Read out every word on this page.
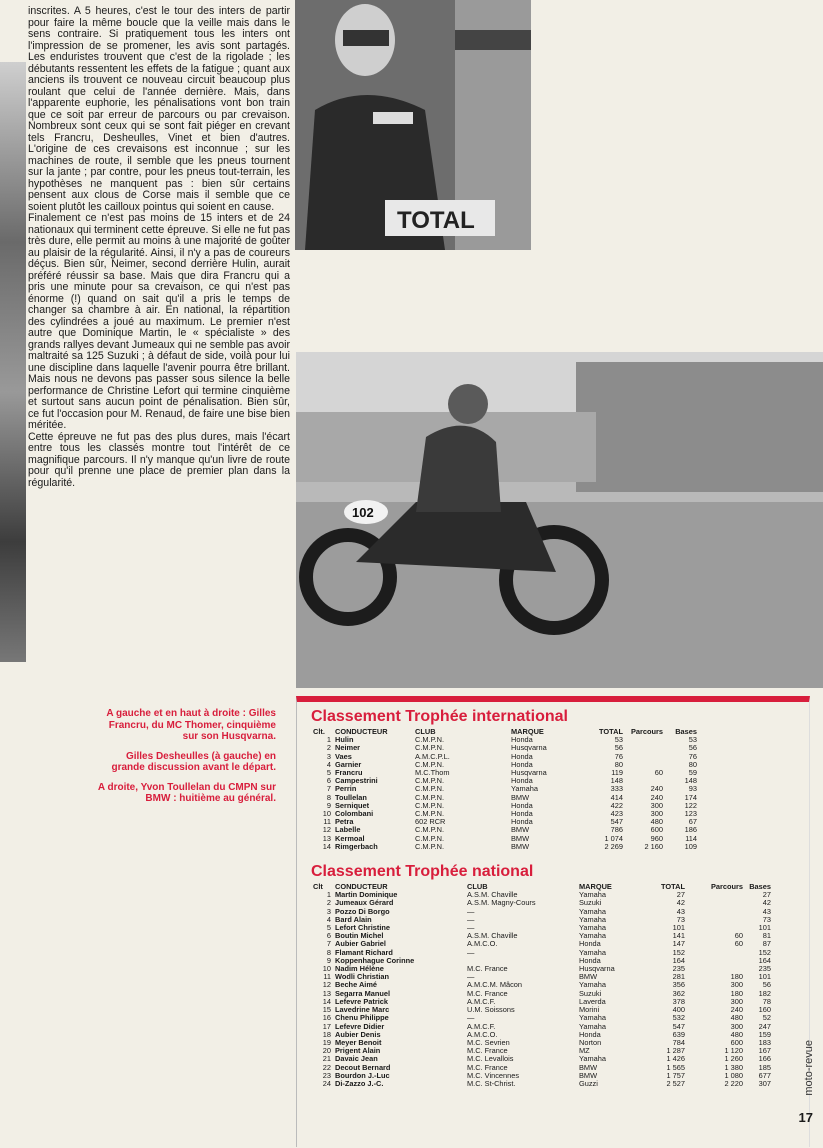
inscrites. A 5 heures, c'est le tour des inters de partir pour faire la même boucle que la veille mais dans le sens contraire. Si pratiquement tous les inters ont l'impression de se promener, les avis sont partagés. Les enduristes trouvent que c'est de la rigolade ; les débutants ressentent les effets de la fatigue ; quant aux anciens ils trouvent ce nouveau circuit beaucoup plus roulant que celui de l'année dernière. Mais, dans l'apparente euphorie, les pénalisations vont bon train que ce soit par erreur de parcours ou par crevaison. Nombreux sont ceux qui se sont fait piéger en crevant tels Francru, Desheulles, Vinet et bien d'autres. L'origine de ces crevaisons est inconnue ; sur les machines de route, il semble que les pneus tournent sur la jante ; par contre, pour les pneus tout-terrain, les hypothèses ne manquent pas : bien sûr certains pensent aux clous de Corse mais il semble que ce soient plutôt les cailloux pointus qui soient en cause.

Finalement ce n'est pas moins de 15 inters et de 24 nationaux qui terminent cette épreuve. Si elle ne fut pas très dure, elle permit au moins à une majorité de goûter au plaisir de la régularité. Ainsi, il n'y a pas de coureurs déçus. Bien sûr, Neimer, second derrière Hulin, aurait préféré réussir sa base. Mais que dira Francru qui a pris une minute pour sa crevaison, ce qui n'est pas énorme (!) quand on sait qu'il a pris le temps de changer sa chambre à air. En national, la répartition des cylindrées a joué au maximum. Le premier n'est autre que Dominique Martin, le « spécialiste » des grands rallyes devant Jumeaux qui ne semble pas avoir maltraité sa 125 Suzuki ; à défaut de side, voilà pour lui une discipline dans laquelle l'avenir pourra être brillant. Mais nous ne devons pas passer sous silence la belle performance de Christine Lefort qui termine cinquième et surtout sans aucun point de pénalisation. Bien sûr, ce fut l'occasion pour M. Renaud, de faire une bise bien méritée.

Cette épreuve ne fut pas des plus dures, mais l'écart entre tous les classés montre tout l'intérêt de ce magnifique parcours. Il n'y manque qu'un livre de route pour qu'il prenne une place de premier plan dans la régularité.

TOTAL
102

A gauche et en haut à droite : Gilles Francru, du MC Thomer, cinquième sur son Husqvarna.

Gilles Desheulles (à gauche) en grande discussion avant le départ.

A droite, Yvon Toullelan du CMPN sur BMW : huitième au général.

Classement Trophée international
Clt.	CONDUCTEUR	CLUB	MARQUE	TOTAL	Parcours	Bases
1	Hulin	C.M.P.N.	Honda	53		53
2	Neimer	C.M.P.N.	Husqvarna	56		56
3	Vaes	A.M.C.P.L.	Honda	76		76
4	Garnier	C.M.P.N.	Honda	80		80
5	Francru	M.C.Thom	Husqvarna	119	60	59
6	Campestrini	C.M.P.N.	Honda	148		148
7	Perrin	C.M.P.N.	Yamaha	333	240	93
8	Toullelan	C.M.P.N.	BMW	414	240	174
9	Serniquet	C.M.P.N.	Honda	422	300	122
10	Colombani	C.M.P.N.	Honda	423	300	123
11	Petra	602 RCR	Honda	547	480	67
12	Labelle	C.M.P.N.	BMW	786	600	186
13	Kermoal	C.M.P.N.	BMW	1 074	960	114
14	Rimgerbach	C.M.P.N.	BMW	2 269	2 160	109
Classement Trophée national
Clt	CONDUCTEUR	CLUB	MARQUE	TOTAL	Parcours	Bases
1	Martin Dominique	A.S.M. Chaville	Yamaha	27		27
2	Jumeaux Gérard	A.S.M. Magny-Cours	Suzuki	42		42
3	Pozzo Di Borgo	—	Yamaha	43		43
4	Bard Alain	—	Yamaha	73		73
5	Lefort Christine	—	Yamaha	101		101
6	Boutin Michel	A.S.M. Chaville	Yamaha	141	60	81
7	Aubier Gabriel	A.M.C.O.	Honda	147	60	87
8	Flamant Richard	—	Yamaha	152		152
9	Koppenhague Corinne		Honda	164		164
10	Nadim Hélène	M.C. France	Husqvarna	235		235
11	Wodli Christian	—	BMW	281	180	101
12	Beche Aimé	A.M.C.M. Mâcon	Yamaha	356	300	56
13	Segarra Manuel	M.C. France	Suzuki	362	180	182
14	Lefevre Patrick	A.M.C.F.	Laverda	378	300	78
15	Lavedrine Marc	U.M. Soissons	Morini	400	240	160
16	Chenu Philippe	—	Yamaha	532	480	52
17	Lefevre Didier	A.M.C.F.	Yamaha	547	300	247
18	Aubier Denis	A.M.C.O.	Honda	639	480	159
19	Meyer Benoit	M.C. Sevrien	Norton	784	600	183
20	Prigent Alain	M.C. France	MZ	1 287	1 120	167
21	Davaic Jean	M.C. Levallois	Yamaha	1 426	1 260	166
22	Decout Bernard	M.C. France	BMW	1 565	1 380	185
23	Bourdon J.-Luc	M.C. Vincennes	BMW	1 757	1 080	677
24	Di-Zazzo J.-C.	M.C. St-Christ.	Guzzi	2 527	2 220	307	moto-revue
17
